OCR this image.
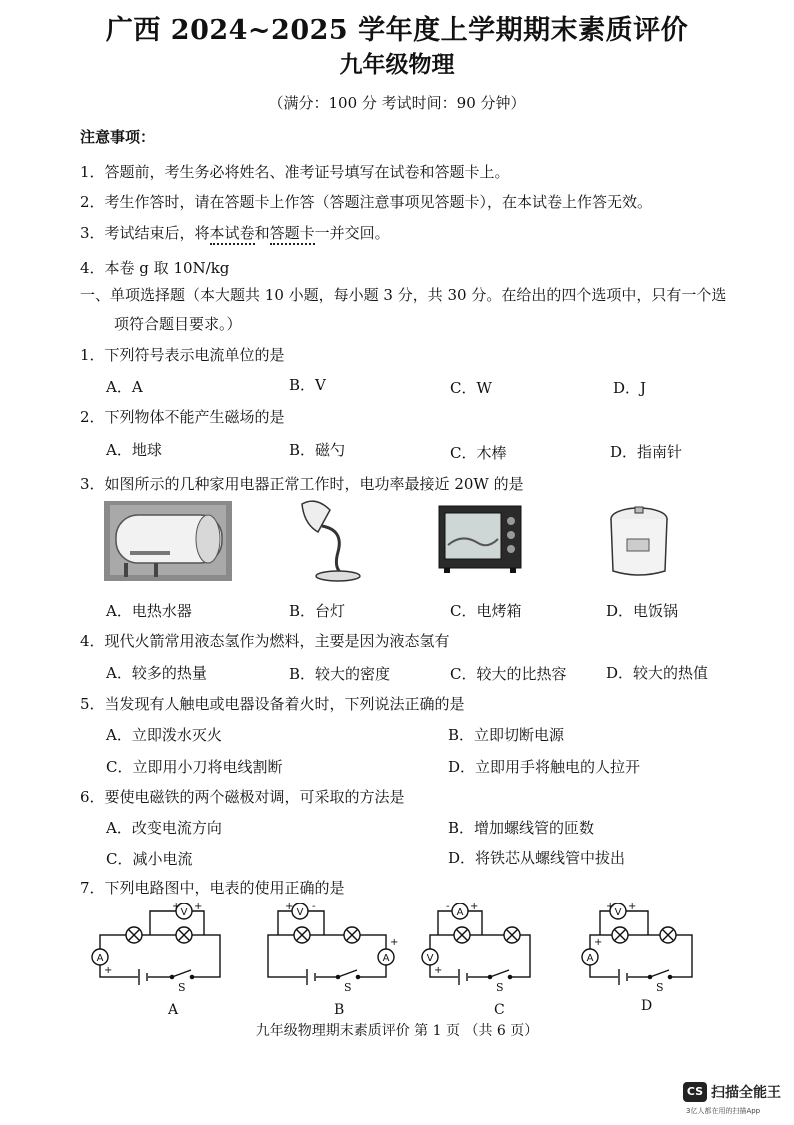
广西 2024~2025 学年度上学期期末素质评价
九年级物理
（满分：100 分 考试时间：90 分钟）
注意事项：
1．答题前，考生务必将姓名、准考证号填写在试卷和答题卡上。
2．考生作答时，请在答题卡上作答（答题注意事项见答题卡），在本试卷上作答无效。
3．考试结束后，将本试卷和答题卡一并交回。
4．本卷 g 取 10N/kg
一、单项选择题（本大题共 10 小题，每小题 3 分，共 30 分。在给出的四个选项中，只有一个选
项符合题目要求。）
1．下列符号表示电流单位的是
A．A	B．V	C．W	D．J
2．下列物体不能产生磁场的是
A．地球	B．磁勺	C．木棒	D．指南针
3．如图所示的几种家用电器正常工作时，电功率最接近 20W 的是
A．电热水器	B．台灯	C．电烤箱	D．电饭锅
4．现代火箭常用液态氢作为燃料，主要是因为液态氢有
A．较多的热量	B．较大的密度	C．较大的比热容	D．较大的热值
5．当发现有人触电或电器设备着火时，下列说法正确的是
A．立即泼水灭火	B．立即切断电源
C．立即用小刀将电线割断	D．立即用手将触电的人拉开
6．要使电磁铁的两个磁极对调，可采取的方法是
A．改变电流方向	B．增加螺线管的匝数
C．减小电流	D．将铁芯从螺线管中拔出
7．下列电路图中，电表的使用正确的是
V
A
V
A
A
V
V
A
+ +
+
+ -
+
- +
+
+ +
+
S	S	S	S
A	B	C	D
九年级物理期末素质评价 第 1 页 （共 6 页）
CS 扫描全能王
3亿人都在用的扫描App
